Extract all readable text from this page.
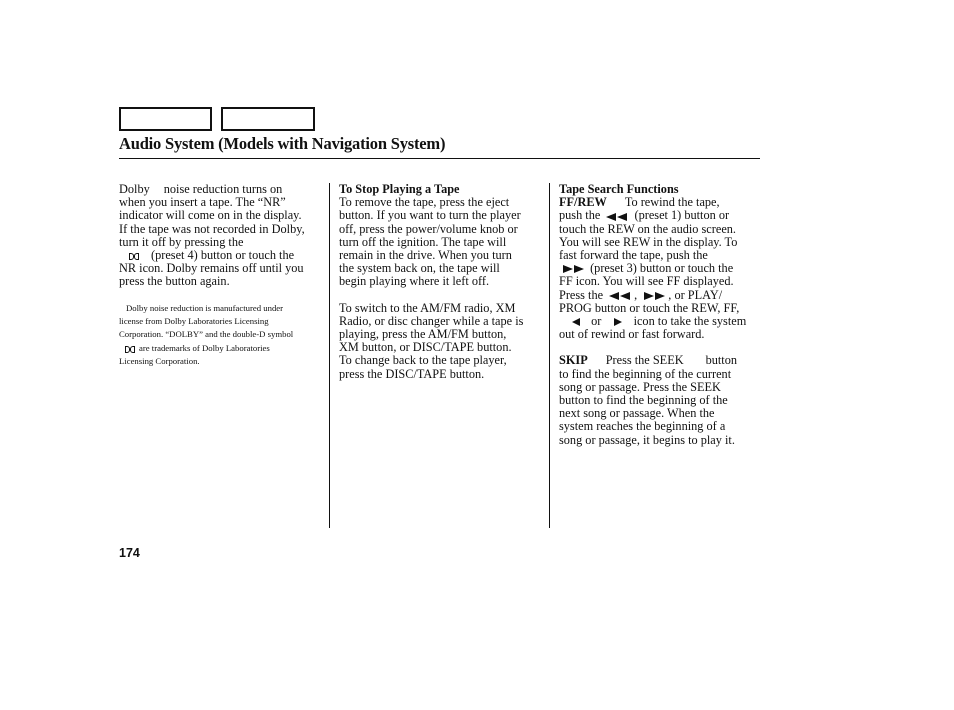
Audio System (Models with Navigation System)
Dolby noise reduction turns on
when you insert a tape. The “NR”
indicator will come on in the display.
If the tape was not recorded in Dolby,
turn it off by pressing the
(preset 4) button or touch the
NR icon. Dolby remains off until you
press the button again.
Dolby noise reduction is manufactured under
license from Dolby Laboratories Licensing
Corporation. “DOLBY” and the double-D symbol
are trademarks of Dolby Laboratories
Licensing Corporation.
To Stop Playing a Tape
To remove the tape, press the eject
button. If you want to turn the player
off, press the power/volume knob or
turn off the ignition. The tape will
remain in the drive. When you turn
the system back on, the tape will
begin playing where it left off.
To switch to the AM/FM radio, XM
Radio, or disc changer while a tape is
playing, press the AM/FM button,
XM button, or DISC/TAPE button.
To change back to the tape player,
press the DISC/TAPE button.
Tape Search Functions
FF/REW To rewind the tape,
push the	(preset 1) button or
touch the REW on the audio screen.
You will see REW in the display. To
fast forward the tape, push the
(preset 3) button or touch the
FF icon. You will see FF displayed.
Press the	,	, or PLAY/
PROG button or touch the REW, FF,
or	icon to take the system
out of rewind or fast forward.
SKIP Press the SEEK button
to find the beginning of the current
song or passage. Press the SEEK
button to find the beginning of the
next song or passage. When the
system reaches the beginning of a
song or passage, it begins to play it.
174
